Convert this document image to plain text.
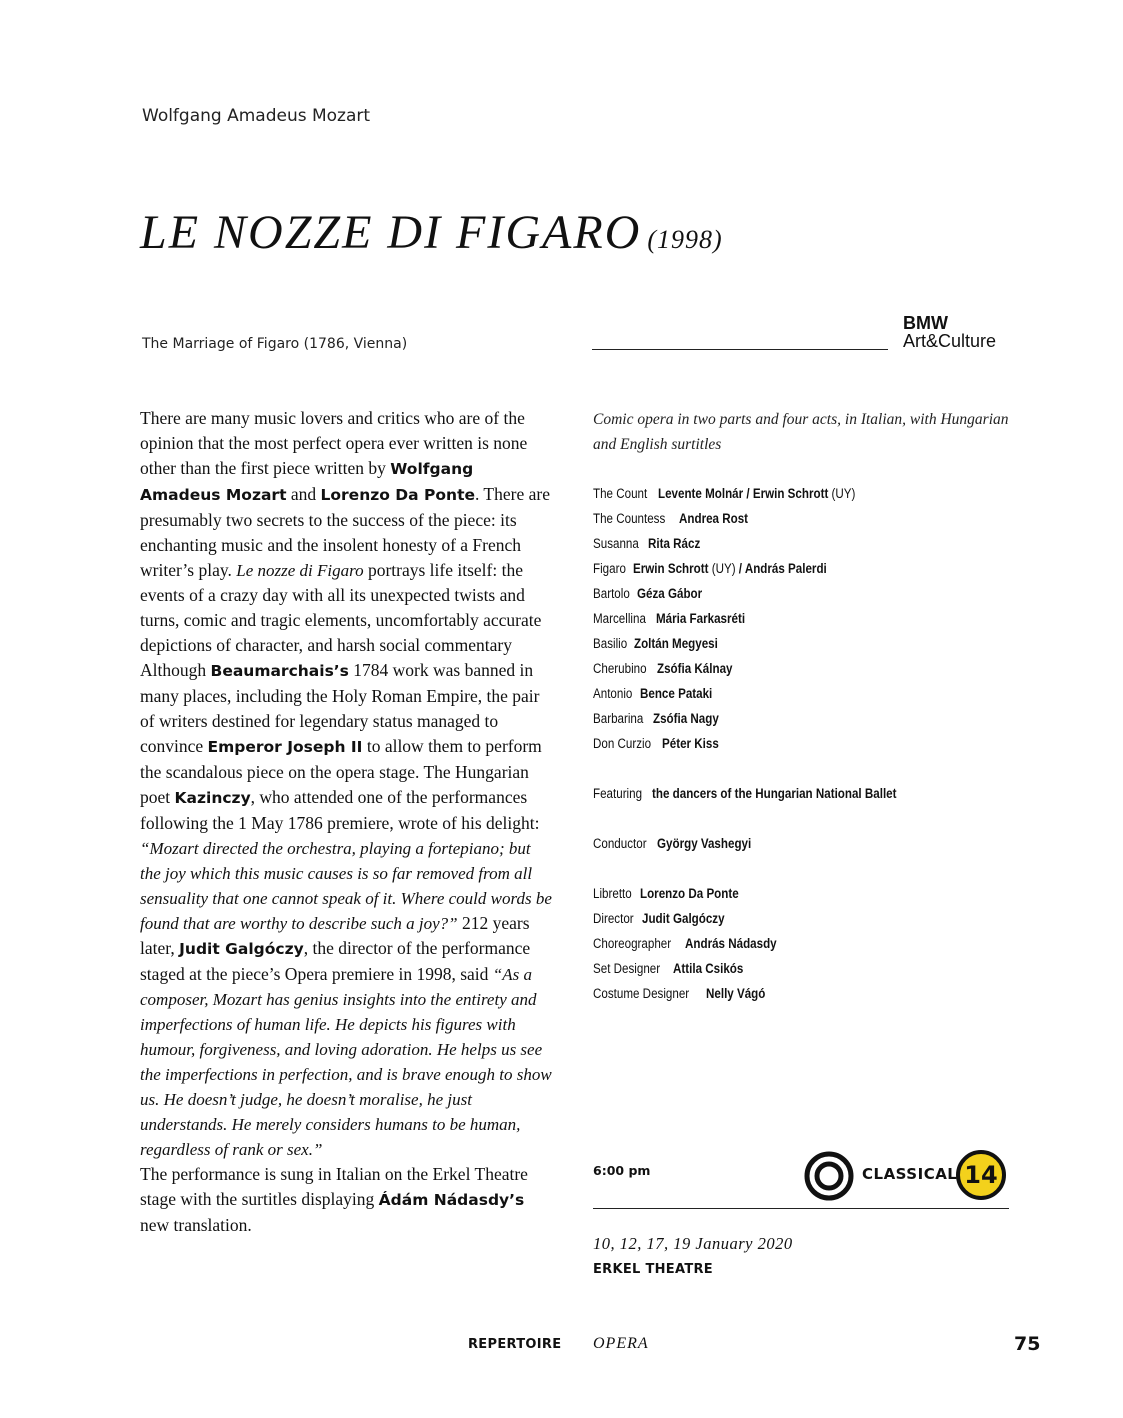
Wolfgang Amadeus Mozart
LE NOZZE DI FIGARO (1998)
The Marriage of Figaro (1786, Vienna)
BMW
Art&Culture

There are many music lovers and critics who are of the opinion that the most perfect opera ever written is none other than the first piece written by Wolfgang Amadeus Mozart and Lorenzo Da Ponte. There are presumably two secrets to the success of the piece: its enchanting music and the insolent honesty of a French writer’s play. Le nozze di Figaro portrays life itself: the events of a crazy day with all its unexpected twists and turns, comic and tragic elements, uncomfortably accurate depictions of character, and harsh social commentary Although Beaumarchais’s 1784 work was banned in many places, including the Holy Roman Empire, the pair of writers destined for legendary status managed to convince Emperor Joseph II to allow them to perform the scandalous piece on the opera stage. The Hungarian poet Kazinczy, who attended one of the performances following the 1 May 1786 premiere, wrote of his delight: “Mozart directed the orchestra, playing a fortepiano; but the joy which this music causes is so far removed from all sensuality that one cannot speak of it. Where could words be found that are worthy to describe such a joy?” 212 years later, Judit Galgóczy, the director of the performance staged at the piece’s Opera premiere in 1998, said “As a composer, Mozart has genius insights into the entirety and imperfections of human life. He depicts his figures with humour, forgiveness, and loving adoration. He helps us see the imperfections in perfection, and is brave enough to show us. He doesn’t judge, he doesn’t moralise, he just understands. He merely considers humans to be human, regardless of rank or sex.”

The performance is sung in Italian on the Erkel Theatre stage with the surtitles displaying Ádám Nádasdy’s new translation.

Comic opera in two parts and four acts, in Italian, with Hungarian and English surtitles
The Count Levente Molnár / Erwin Schrott (UY)
The Countess Andrea Rost
Susanna Rita Rácz
Figaro Erwin Schrott (UY) / András Palerdi
Bartolo Géza Gábor
Marcellina Mária Farkasréti
Basilio Zoltán Megyesi
Cherubino Zsófia Kálnay
Antonio Bence Pataki
Barbarina Zsófia Nagy
Don Curzio Péter Kiss
Featuring the dancers of the Hungarian National Ballet
Conductor György Vashegyi
Libretto Lorenzo Da Ponte
Director Judit Galgóczy
Choreographer András Nádasdy
Set Designer Attila Csikós
Costume Designer Nelly Vágó
6:00 pm	CLASSICAL 14
10, 12, 17, 19 January 2020
ERKEL THEATRE
REPERTOIRE OPERA	75
